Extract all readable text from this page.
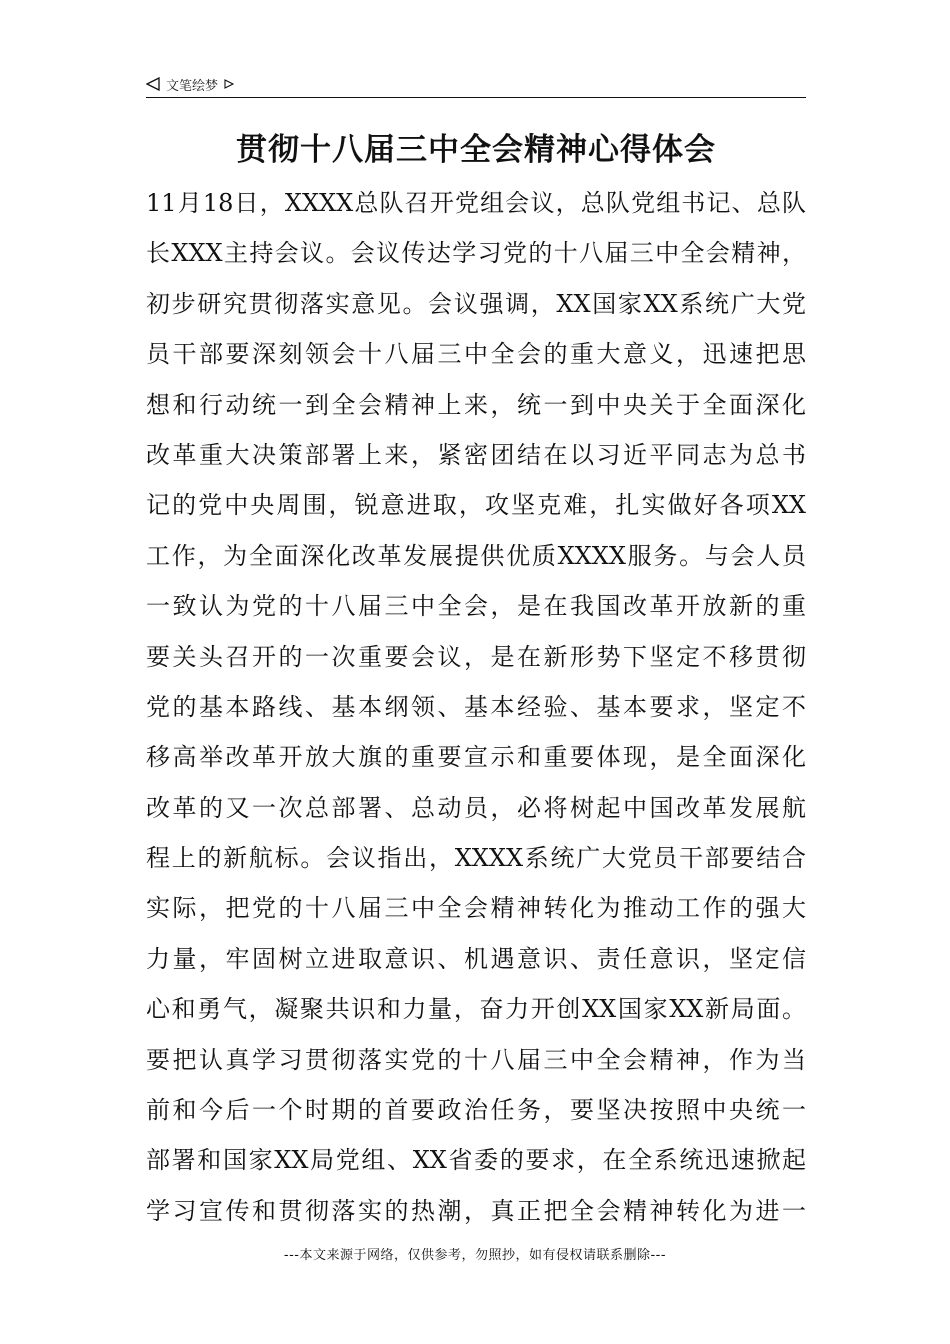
文笔绘梦
贯彻十八届三中全会精神心得体会
11月18日，XXXX总队召开党组会议，总队党组书记、总队
长XXX主持会议。会议传达学习党的十八届三中全会精神，
初步研究贯彻落实意见。会议强调，XX国家XX系统广大党
员干部要深刻领会十八届三中全会的重大意义，迅速把思
想和行动统一到全会精神上来，统一到中央关于全面深化
改革重大决策部署上来，紧密团结在以习近平同志为总书
记的党中央周围，锐意进取，攻坚克难，扎实做好各项XX
工作，为全面深化改革发展提供优质XXXX服务。与会人员
一致认为党的十八届三中全会，是在我国改革开放新的重
要关头召开的一次重要会议，是在新形势下坚定不移贯彻
党的基本路线、基本纲领、基本经验、基本要求，坚定不
移高举改革开放大旗的重要宣示和重要体现，是全面深化
改革的又一次总部署、总动员，必将树起中国改革发展航
程上的新航标。会议指出，XXXX系统广大党员干部要结合
实际，把党的十八届三中全会精神转化为推动工作的强大
力量，牢固树立进取意识、机遇意识、责任意识，坚定信
心和勇气，凝聚共识和力量，奋力开创XX国家XX新局面。
要把认真学习贯彻落实党的十八届三中全会精神，作为当
前和今后一个时期的首要政治任务，要坚决按照中央统一
部署和国家XX局党组、XX省委的要求，在全系统迅速掀起
学习宣传和贯彻落实的热潮，真正把全会精神转化为进一
---本文来源于网络，仅供参考，勿照抄，如有侵权请联系删除---
